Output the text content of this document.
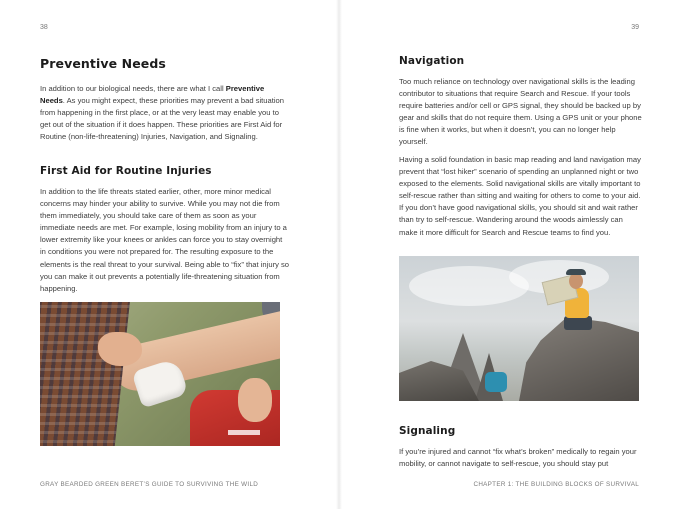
38
Preventive Needs

In addition to our biological needs, there are what I call Preventive Needs. As you might expect, these priorities may prevent a bad situation from happening in the first place, or at the very least may enable you to get out of the situation if it does happen. These priorities are First Aid for Routine (non-life-threatening) Injuries, Navigation, and Signaling.

First Aid for Routine Injuries

In addition to the life threats stated earlier, other, more minor medical concerns may hinder your ability to survive. While you may not die from them immediately, you should take care of them as soon as your immediate needs are met. For example, losing mobility from an injury to a lower extremity like your knees or ankles can force you to stay overnight in conditions you were not prepared for. The resulting exposure to the elements is the real threat to your survival. Being able to “fix” that injury so you can make it out prevents a potentially life-threatening situation from happening.

GRAY BEARDED GREEN BERET’S GUIDE TO SURVIVING THE WILD
39
Navigation

Too much reliance on technology over navigational skills is the leading contributor to situations that require Search and Rescue. If your tools require batteries and/or cell or GPS signal, they should be backed up by gear and skills that do not require them. Using a GPS unit or your phone is fine when it works, but when it doesn’t, you can no longer help yourself.

Having a solid foundation in basic map reading and land navigation may prevent that “lost hiker” scenario of spending an unplanned night or two exposed to the elements. Solid navigational skills are vitally important to self-rescue rather than sitting and waiting for others to come to your aid. If you don’t have good navigational skills, you should sit and wait rather than try to self-rescue. Wandering around the woods aimlessly can make it more difficult for Search and Rescue teams to find you.

Signaling

If you’re injured and cannot “fix what’s broken” medically to regain your mobility, or cannot navigate to self-rescue, you should stay put

CHAPTER 1: THE BUILDING BLOCKS OF SURVIVAL
